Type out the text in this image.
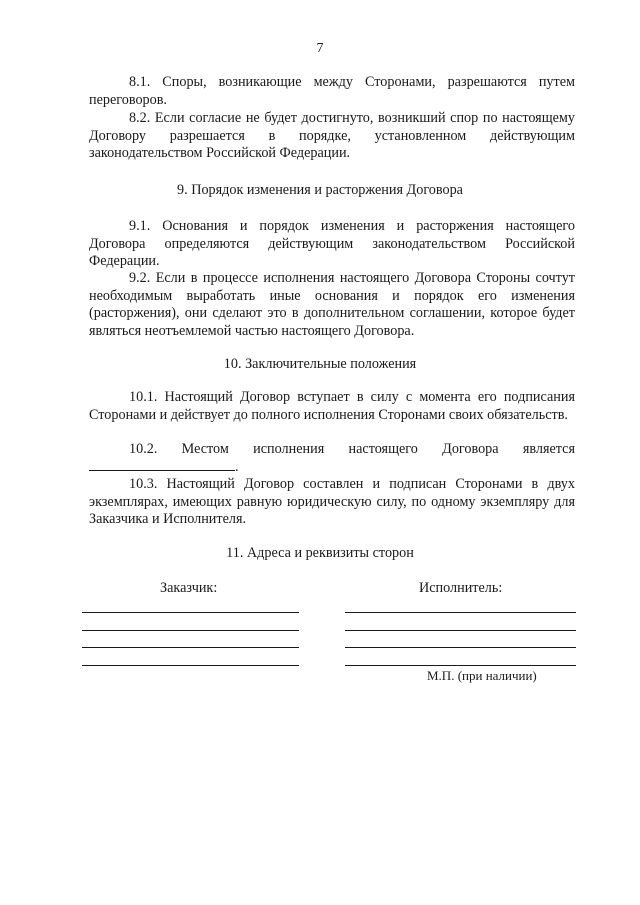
7
8.1. Споры, возникающие между Сторонами, разрешаются путем переговоров.
8.2. Если согласие не будет достигнуто, возникший спор по настоящему Договору разрешается в порядке, установленном действующим законодательством Российской Федерации.
9. Порядок изменения и расторжения Договора
9.1. Основания и порядок изменения и расторжения настоящего Договора определяются действующим законодательством Российской Федерации.
9.2. Если в процессе исполнения настоящего Договора Стороны сочтут необходимым выработать иные основания и порядок его изменения (расторжения), они сделают это в дополнительном соглашении, которое будет являться неотъемлемой частью настоящего Договора.
10. Заключительные положения
10.1. Настоящий Договор вступает в силу с момента его подписания Сторонами и действует до полного исполнения Сторонами своих обязательств.
10.2. Местом исполнения настоящего Договора является
.
10.3. Настоящий Договор составлен и подписан Сторонами в двух экземплярах, имеющих равную юридическую силу, по одному экземпляру для Заказчика и Исполнителя.
11. Адреса и реквизиты сторон
Заказчик:	Исполнитель:
М.П. (при наличии)
